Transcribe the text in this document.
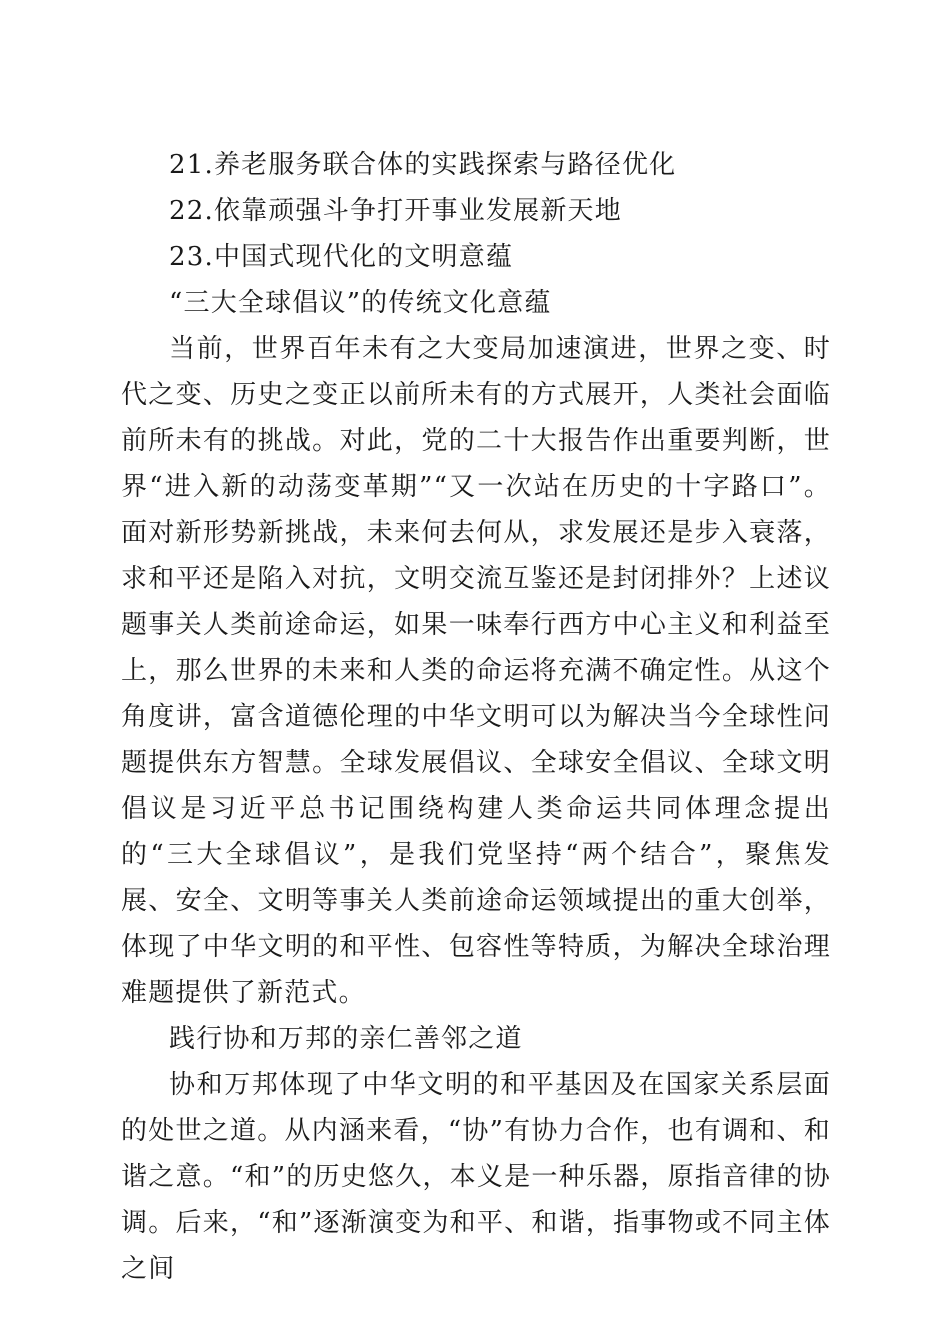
21.养老服务联合体的实践探索与路径优化

22.依靠顽强斗争打开事业发展新天地

23.中国式现代化的文明意蕴

“三大全球倡议”的传统文化意蕴

当前，世界百年未有之大变局加速演进，世界之变、时代之变、历史之变正以前所未有的方式展开，人类社会面临前所未有的挑战。对此，党的二十大报告作出重要判断，世界“进入新的动荡变革期”“又一次站在历史的十字路口”。面对新形势新挑战，未来何去何从，求发展还是步入衰落，求和平还是陷入对抗，文明交流互鉴还是封闭排外？上述议题事关人类前途命运，如果一味奉行西方中心主义和利益至上，那么世界的未来和人类的命运将充满不确定性。从这个角度讲，富含道德伦理的中华文明可以为解决当今全球性问题提供东方智慧。全球发展倡议、全球安全倡议、全球文明倡议是习近平总书记围绕构建人类命运共同体理念提出的“三大全球倡议”，是我们党坚持“两个结合”，聚焦发展、安全、文明等事关人类前途命运领域提出的重大创举，体现了中华文明的和平性、包容性等特质，为解决全球治理难题提供了新范式。

践行协和万邦的亲仁善邻之道

协和万邦体现了中华文明的和平基因及在国家关系层面的处世之道。从内涵来看，“协”有协力合作，也有调和、和谐之意。“和”的历史悠久，本义是一种乐器，原指音律的协调。后来，“和”逐渐演变为和平、和谐，指事物或不同主体之间
